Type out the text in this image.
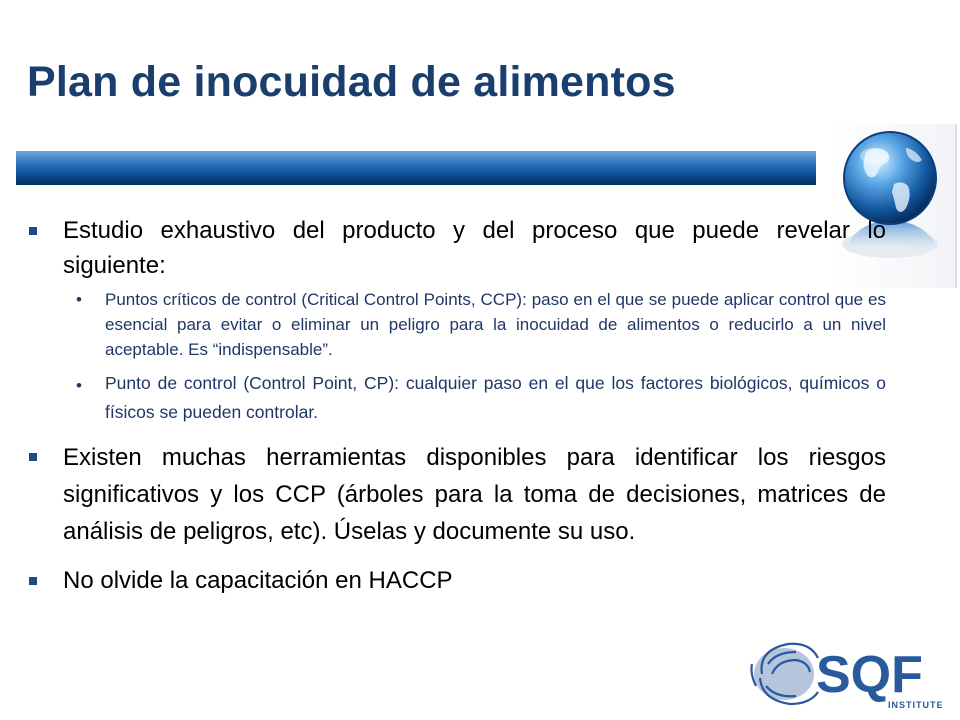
Plan de inocuidad de alimentos
Estudio exhaustivo del producto y del proceso que puede revelar lo siguiente:
• Puntos críticos de control (Critical Control Points, CCP): paso en el que se puede aplicar control que es esencial para evitar o eliminar un peligro para la inocuidad de alimentos o reducirlo a un nivel aceptable. Es “indispensable”.
• Punto de control (Control Point, CP): cualquier paso en el que los factores biológicos, químicos o físicos se pueden controlar.
Existen muchas herramientas disponibles para identificar los riesgos significativos y los CCP (árboles para la toma de decisiones, matrices de análisis de peligros, etc). Úselas y documente su uso.
No olvide la capacitación en HACCP
SQF
INSTITUTE
